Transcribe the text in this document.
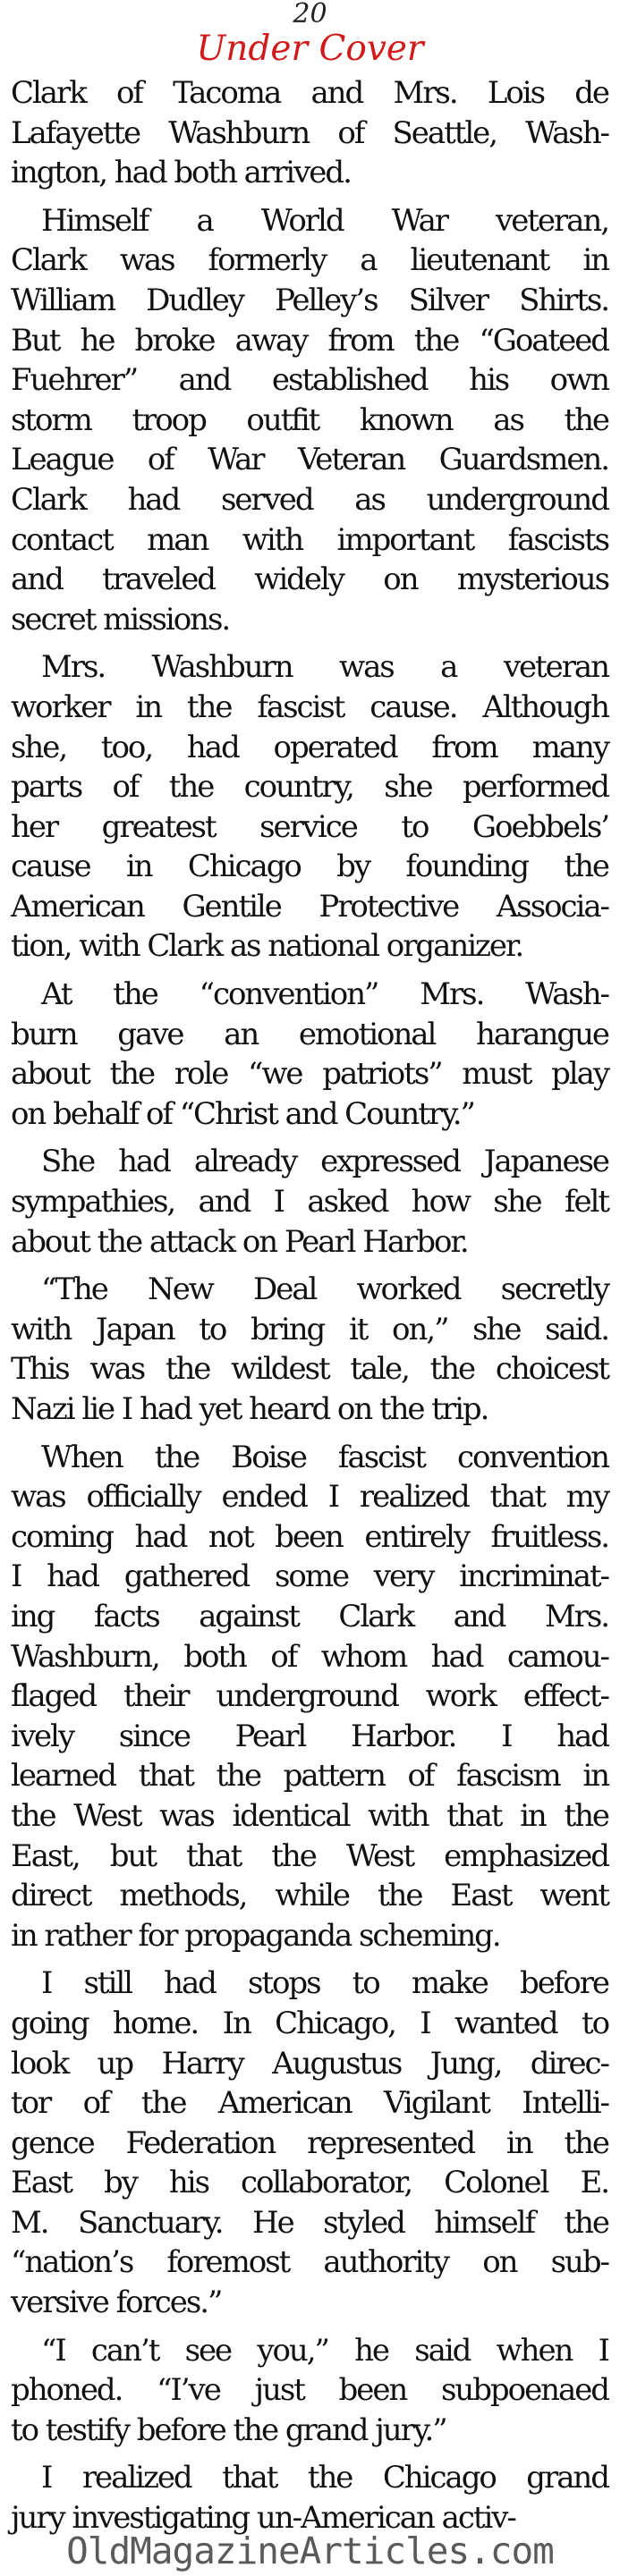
20
Under Cover
Clark of Tacoma and Mrs. Lois de
Lafayette Washburn of Seattle, Wash-
ington, had both arrived.
Himself a World War veteran,
Clark was formerly a lieutenant in
William Dudley Pelley’s Silver Shirts.
But he broke away from the “Goateed
Fuehrer” and established his own
storm troop outfit known as the
League of War Veteran Guardsmen.
Clark had served as underground
contact man with important fascists
and traveled widely on mysterious
secret missions.
Mrs. Washburn was a veteran
worker in the fascist cause. Although
she, too, had operated from many
parts of the country, she performed
her greatest service to Goebbels’
cause in Chicago by founding the
American Gentile Protective Associa-
tion, with Clark as national organizer.
At the “convention” Mrs. Wash-
burn gave an emotional harangue
about the role “we patriots” must play
on behalf of “Christ and Country.”
She had already expressed Japanese
sympathies, and I asked how she felt
about the attack on Pearl Harbor.
“The New Deal worked secretly
with Japan to bring it on,” she said.
This was the wildest tale, the choicest
Nazi lie I had yet heard on the trip.
When the Boise fascist convention
was officially ended I realized that my
coming had not been entirely fruitless.
I had gathered some very incriminat-
ing facts against Clark and Mrs.
Washburn, both of whom had camou-
flaged their underground work effect-
ively since Pearl Harbor. I had
learned that the pattern of fascism in
the West was identical with that in the
East, but that the West emphasized
direct methods, while the East went
in rather for propaganda scheming.
I still had stops to make before
going home. In Chicago, I wanted to
look up Harry Augustus Jung, direc-
tor of the American Vigilant Intelli-
gence Federation represented in the
East by his collaborator, Colonel E.
M. Sanctuary. He styled himself the
“nation’s foremost authority on sub-
versive forces.”
“I can’t see you,” he said when I
phoned. “I’ve just been subpoenaed
to testify before the grand jury.”
I realized that the Chicago grand
jury investigating un-American activ-
OldMagazineArticles.com
